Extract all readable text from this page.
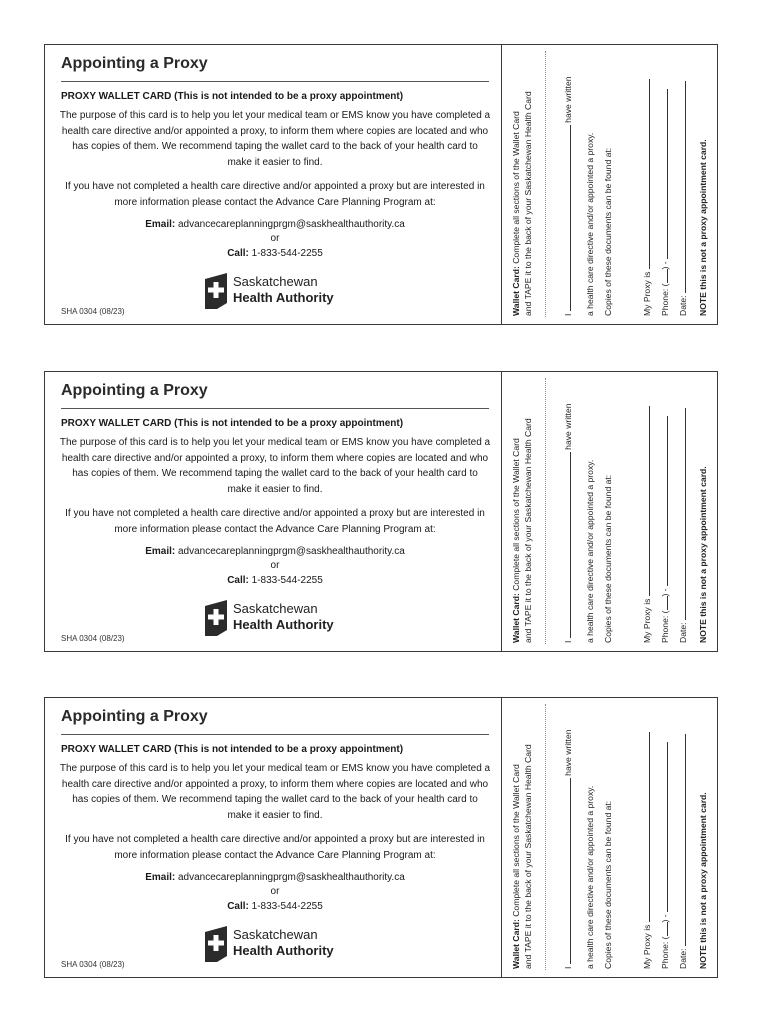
Appointing a Proxy
PROXY WALLET CARD (This is not intended to be a proxy appointment)
The purpose of this card is to help you let your medical team or EMS know you have completed a health care directive and/or appointed a proxy, to inform them where copies are located and who has copies of them. We recommend taping the wallet card to the back of your health card to make it easier to find.
If you have not completed a health care directive and/or appointed a proxy but are interested in more information please contact the Advance Care Planning Program at:
Email: advancecareplanningprgm@saskhealthauthority.ca
or
Call: 1-833-544-2255
Saskatchewan
Health Authority
SHA 0304 (08/23)	Wallet Card: Complete all sections of the Wallet Card and TAPE it to the back of your Saskatchewan Health Card	I  have written
a health care directive and/or appointed a proxy. Copies of these documents can be found at:	My Proxy is Phone: () -
Date: NOTE this is not a proxy appointment card.
Appointing a Proxy
PROXY WALLET CARD (This is not intended to be a proxy appointment)
The purpose of this card is to help you let your medical team or EMS know you have completed a health care directive and/or appointed a proxy, to inform them where copies are located and who has copies of them. We recommend taping the wallet card to the back of your health card to make it easier to find.
If you have not completed a health care directive and/or appointed a proxy but are interested in more information please contact the Advance Care Planning Program at:
Email: advancecareplanningprgm@saskhealthauthority.ca
or
Call: 1-833-544-2255
Saskatchewan
Health Authority
SHA 0304 (08/23)	Wallet Card: Complete all sections of the Wallet Card and TAPE it to the back of your Saskatchewan Health Card	I  have written
a health care directive and/or appointed a proxy. Copies of these documents can be found at:	My Proxy is Phone: () -
Date: NOTE this is not a proxy appointment card.
Appointing a Proxy
PROXY WALLET CARD (This is not intended to be a proxy appointment)
The purpose of this card is to help you let your medical team or EMS know you have completed a health care directive and/or appointed a proxy, to inform them where copies are located and who has copies of them. We recommend taping the wallet card to the back of your health card to make it easier to find.
If you have not completed a health care directive and/or appointed a proxy but are interested in more information please contact the Advance Care Planning Program at:
Email: advancecareplanningprgm@saskhealthauthority.ca
or
Call: 1-833-544-2255
Saskatchewan
Health Authority
SHA 0304 (08/23)	Wallet Card: Complete all sections of the Wallet Card and TAPE it to the back of your Saskatchewan Health Card	I  have written
a health care directive and/or appointed a proxy. Copies of these documents can be found at:	My Proxy is Phone: () -
Date: NOTE this is not a proxy appointment card.
